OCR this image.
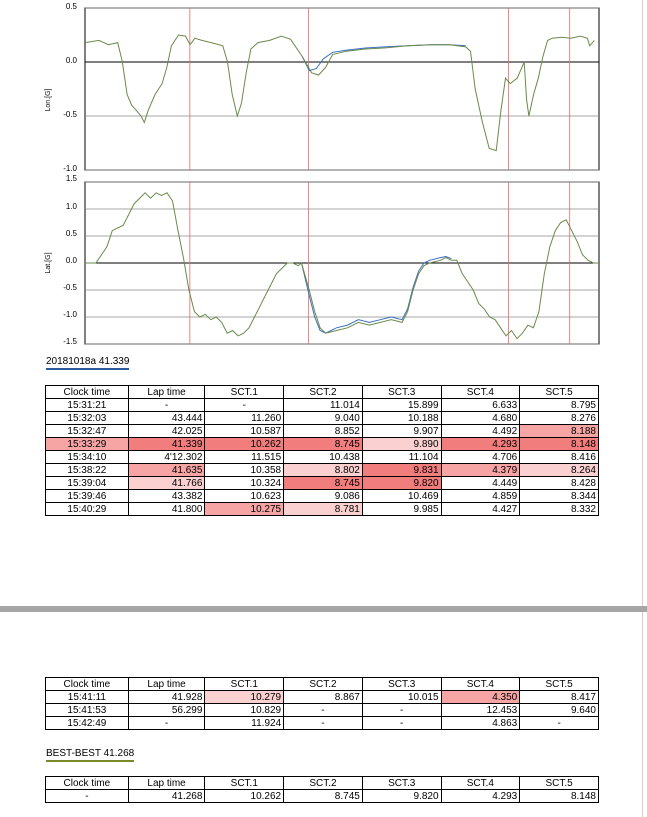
0.5
0.0
-0.5
-1.0
Lon.[G]
1.5
1.0
0.5
0.0
-0.5
-1.0
-1.5
Lat.[G]
20181018a 41.339
Clock time	Lap time	SCT.1	SCT.2	SCT.3	SCT.4	SCT.5
15:31:21	-	-	11.014	15.899	6.633	8.795
15:32:03	43.444	11.260	9.040	10.188	4.680	8.276
15:32:47	42.025	10.587	8.852	9.907	4.492	8.188
15:33:29	41.339	10.262	8.745	9.890	4.293	8.148
15:34:10	4'12.302	11.515	10.438	11.104	4.706	8.416
15:38:22	41.635	10.358	8.802	9.831	4.379	8.264
15:39:04	41.766	10.324	8.745	9.820	4.449	8.428
15:39:46	43.382	10.623	9.086	10.469	4.859	8.344
15:40:29	41.800	10.275	8.781	9.985	4.427	8.332
Clock time	Lap time	SCT.1	SCT.2	SCT.3	SCT.4	SCT.5
15:41:11	41.928	10.279	8.867	10.015	4.350	8.417
15:41:53	56.299	10.829	-	-	12.453	9.640
15:42:49	-	11.924	-	-	4.863	-
BEST-BEST 41.268
Clock time	Lap time	SCT.1	SCT.2	SCT.3	SCT.4	SCT.5
-	41.268	10.262	8.745	9.820	4.293	8.148
